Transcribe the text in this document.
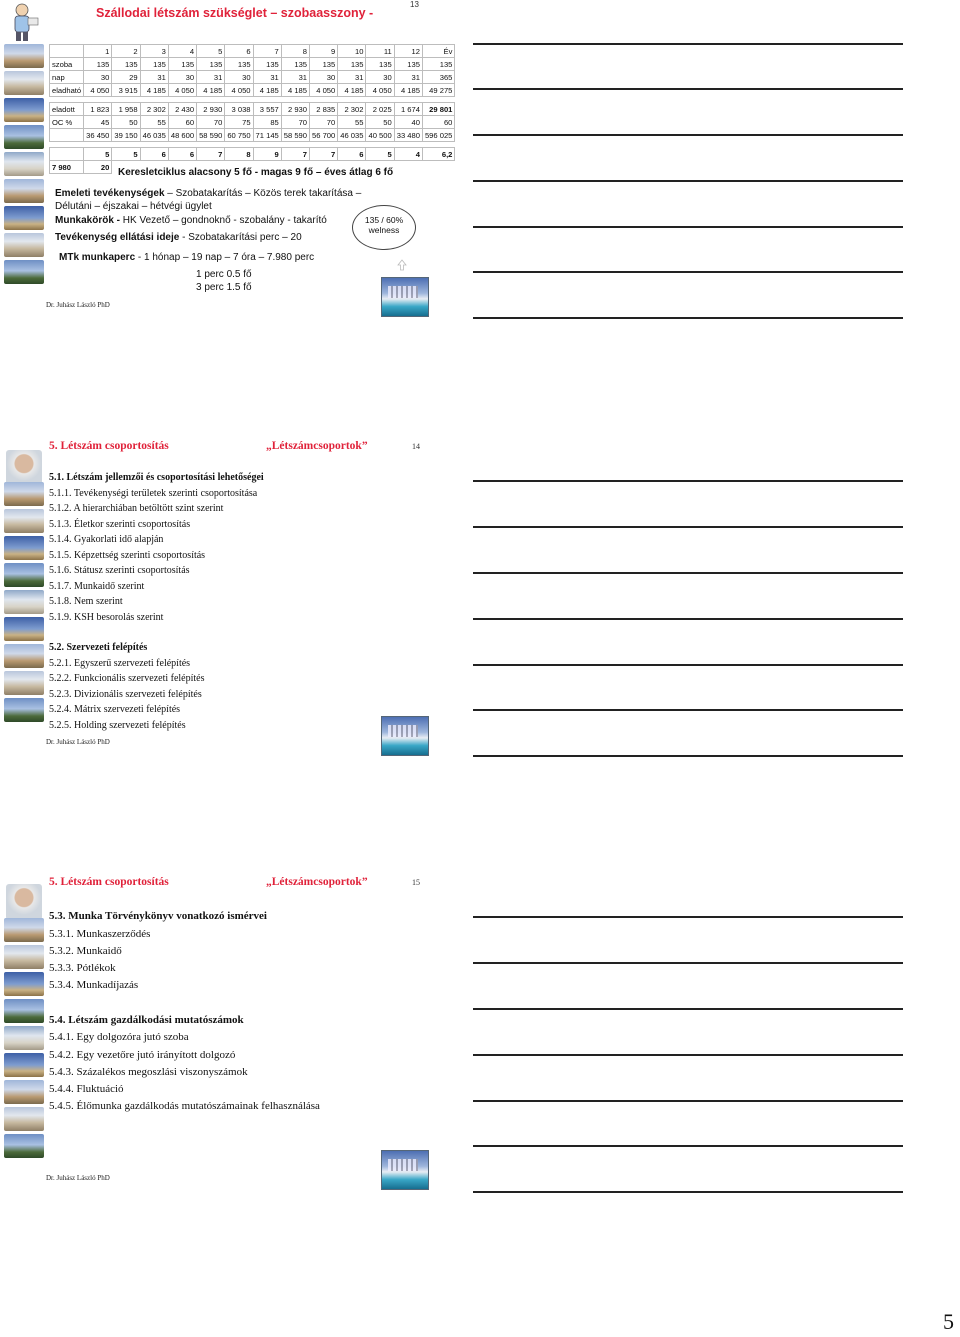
Szállodai létszám szükséglet – szobaasszony -
13
	1	2	3	4	5	6	7	8	9	10	11	12	Év
szoba	135	135	135	135	135	135	135	135	135	135	135	135	135
nap	30	29	31	30	31	30	31	31	30	31	30	31	365
eladható	4 050	3 915	4 185	4 050	4 185	4 050	4 185	4 185	4 050	4 185	4 050	4 185	49 275

eladott	1 823	1 958	2 302	2 430	2 930	3 038	3 557	2 930	2 835	2 302	2 025	1 674	29 801
OC %	45	50	55	60	70	75	85	70	70	55	50	40	60
	36 450	39 150	46 035	48 600	58 590	60 750	71 145	58 590	56 700	46 035	40 500	33 480	596 025

	5	5	6	6	7	8	9	7	7	6	5	4	6,2
7 980	20												Keresletciklus alacsony 5 fő - magas 9 fő – éves átlag 6 fő
Emeleti tevékenységek – Szobatakarítás – Közös terek takarítása –
Délutáni – éjszakai – hétvégi ügylet
Munkakörök - HK Vezető – gondnoknő - szobalány - takarító
Tevékenység ellátási ideje - Szobatakarítási perc – 20
MTk munkaperc - 1 hónap – 19 nap – 7 óra – 7.980 perc
1 perc 0.5 fő
3 perc 1.5 fő
135 / 60%
welness
Dr. Juhász László PhD
5. Létszám csoportosítás	„Létszámcsoportok”	14
5.1. Létszám jellemzői és csoportosítási lehetőségei
5.1.1. Tevékenységi területek szerinti csoportosítása
5.1.2. A hierarchiában betöltött szint szerint
5.1.3. Életkor szerinti csoportosítás
5.1.4. Gyakorlati idő alapján
5.1.5. Képzettség szerinti csoportosítás
5.1.6. Státusz szerinti csoportosítás
5.1.7. Munkaidő szerint
5.1.8. Nem szerint
5.1.9. KSH besorolás szerint
5.2. Szervezeti felépítés
5.2.1. Egyszerű szervezeti felépítés
5.2.2. Funkcionális szervezeti felépítés
5.2.3. Divizionális szervezeti felépítés
5.2.4. Mátrix szervezeti felépítés
5.2.5. Holding szervezeti felépítés
Dr. Juhász László PhD
5. Létszám csoportosítás	„Létszámcsoportok”	15
5.3. Munka Törvénykönyv vonatkozó ismérvei
5.3.1. Munkaszerződés
5.3.2. Munkaidő
5.3.3. Pótlékok
5.3.4. Munkadíjazás
5.4. Létszám gazdálkodási mutatószámok
5.4.1. Egy dolgozóra jutó szoba
5.4.2. Egy vezetőre jutó irányított dolgozó
5.4.3. Százalékos megoszlási viszonyszámok
5.4.4. Fluktuáció
5.4.5. Élőmunka gazdálkodás mutatószámainak felhasználása
Dr. Juhász László PhD
5
